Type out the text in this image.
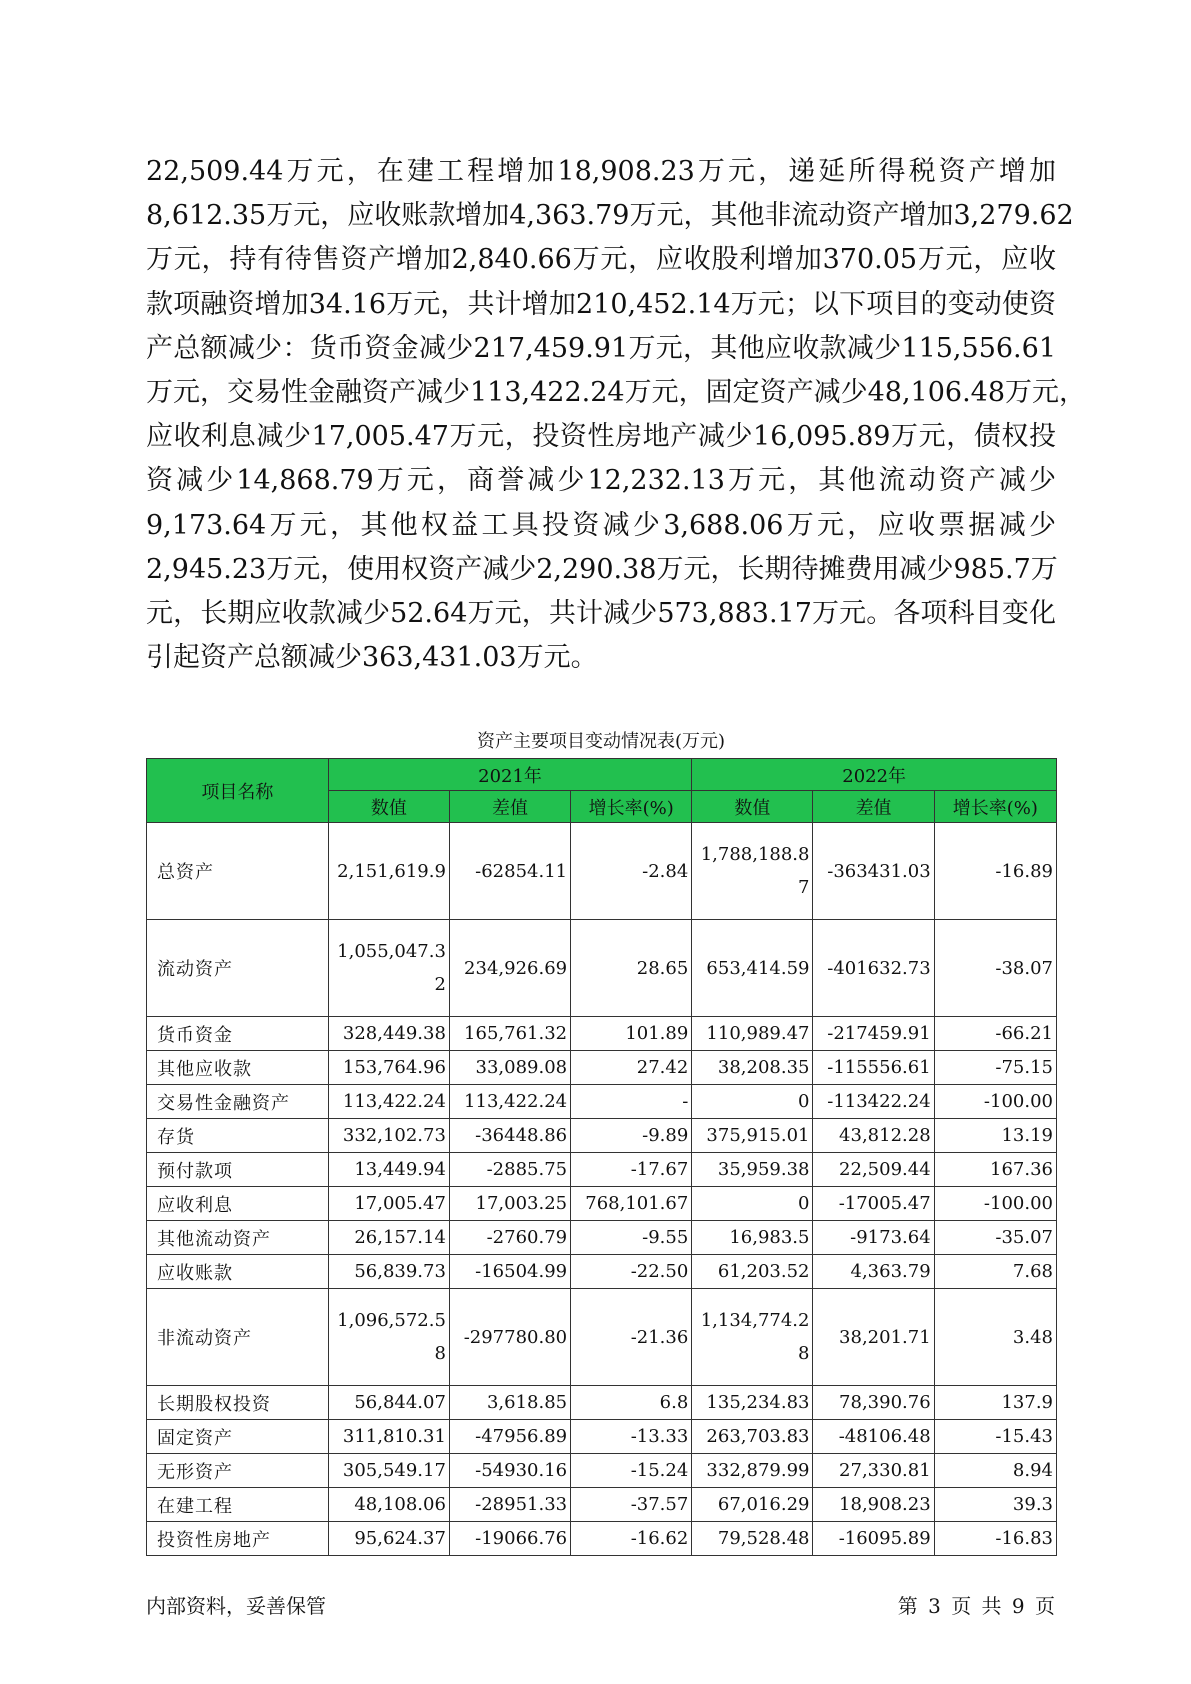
22,509.44万元，在建工程增加18,908.23万元，递延所得税资产增加
8,612.35万元，应收账款增加4,363.79万元，其他非流动资产增加3,279.62
万元，持有待售资产增加2,840.66万元，应收股利增加370.05万元，应收
款项融资增加34.16万元，共计增加210,452.14万元；以下项目的变动使资
产总额减少：货币资金减少217,459.91万元，其他应收款减少115,556.61
万元，交易性金融资产减少113,422.24万元，固定资产减少48,106.48万元，
应收利息减少17,005.47万元，投资性房地产减少16,095.89万元，债权投
资减少14,868.79万元，商誉减少12,232.13万元，其他流动资产减少
9,173.64万元，其他权益工具投资减少3,688.06万元，应收票据减少
2,945.23万元，使用权资产减少2,290.38万元，长期待摊费用减少985.7万
元，长期应收款减少52.64万元，共计减少573,883.17万元。各项科目变化
引起资产总额减少363,431.03万元。
资产主要项目变动情况表(万元)
项目名称	2021年			2022年		
	数值	差值	增长率(%)	数值	差值	增长率(%)
总资产	2,151,619.9	-62854.11	-2.84	1,788,188.87	-363431.03	-16.89
流动资产	1,055,047.32	234,926.69	28.65	653,414.59	-401632.73	-38.07
货币资金	328,449.38	165,761.32	101.89	110,989.47	-217459.91	-66.21
其他应收款	153,764.96	33,089.08	27.42	38,208.35	-115556.61	-75.15
交易性金融资产	113,422.24	113,422.24	-	0	-113422.24	-100.00
存货	332,102.73	-36448.86	-9.89	375,915.01	43,812.28	13.19
预付款项	13,449.94	-2885.75	-17.67	35,959.38	22,509.44	167.36
应收利息	17,005.47	17,003.25	768,101.67	0	-17005.47	-100.00
其他流动资产	26,157.14	-2760.79	-9.55	16,983.5	-9173.64	-35.07
应收账款	56,839.73	-16504.99	-22.50	61,203.52	4,363.79	7.68
非流动资产	1,096,572.58	-297780.80	-21.36	1,134,774.28	38,201.71	3.48
长期股权投资	56,844.07	3,618.85	6.8	135,234.83	78,390.76	137.9
固定资产	311,810.31	-47956.89	-13.33	263,703.83	-48106.48	-15.43
无形资产	305,549.17	-54930.16	-15.24	332,879.99	27,330.81	8.94
在建工程	48,108.06	-28951.33	-37.57	67,016.29	18,908.23	39.3
投资性房地产	95,624.37	-19066.76	-16.62	79,528.48	-16095.89	-16.83
内部资料，妥善保管	第 3 页 共 9 页
